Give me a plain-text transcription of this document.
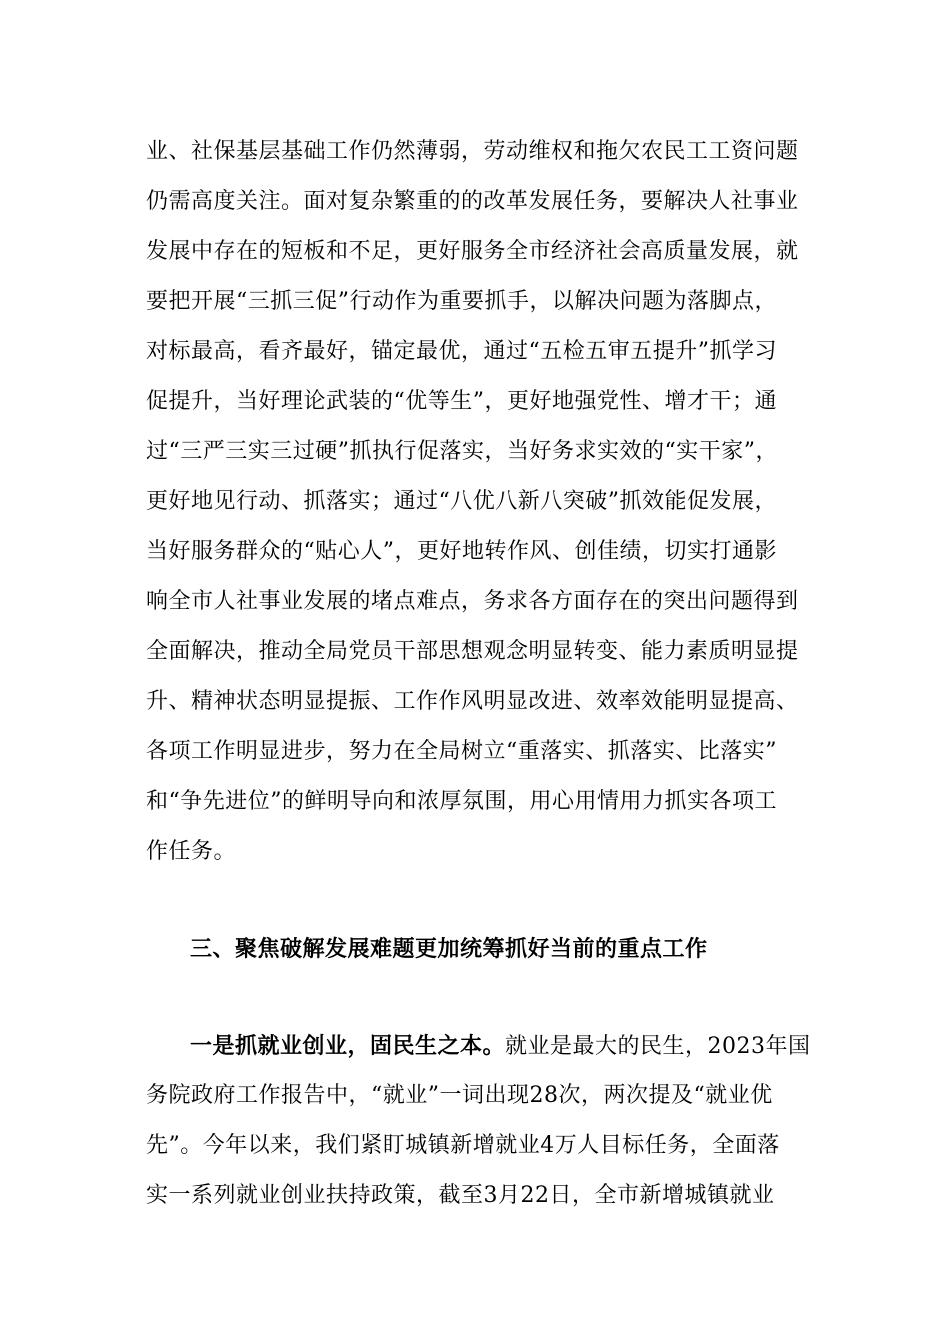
业、社保基层基础工作仍然薄弱，劳动维权和拖欠农民工工资问题
仍需高度关注。面对复杂繁重的的改革发展任务，要解决人社事业
发展中存在的短板和不足，更好服务全市经济社会高质量发展，就
要把开展“三抓三促”行动作为重要抓手，以解决问题为落脚点，
对标最高，看齐最好，锚定最优，通过“五检五审五提升”抓学习
促提升，当好理论武装的“优等生”，更好地强党性、增才干；通
过“三严三实三过硬”抓执行促落实，当好务求实效的“实干家”，
更好地见行动、抓落实；通过“八优八新八突破”抓效能促发展，
当好服务群众的“贴心人”，更好地转作风、创佳绩，切实打通影
响全市人社事业发展的堵点难点，务求各方面存在的突出问题得到
全面解决，推动全局党员干部思想观念明显转变、能力素质明显提
升、精神状态明显提振、工作作风明显改进、效率效能明显提高、
各项工作明显进步，努力在全局树立“重落实、抓落实、比落实”
和“争先进位”的鲜明导向和浓厚氛围，用心用情用力抓实各项工
作任务。
三、聚焦破解发展难题更加统筹抓好当前的重点工作
一是抓就业创业，固民生之本。就业是最大的民生，2023年国
务院政府工作报告中，“就业”一词出现28次，两次提及“就业优
先”。今年以来，我们紧盯城镇新增就业4万人目标任务，全面落
实一系列就业创业扶持政策，截至3月22日，全市新增城镇就业
